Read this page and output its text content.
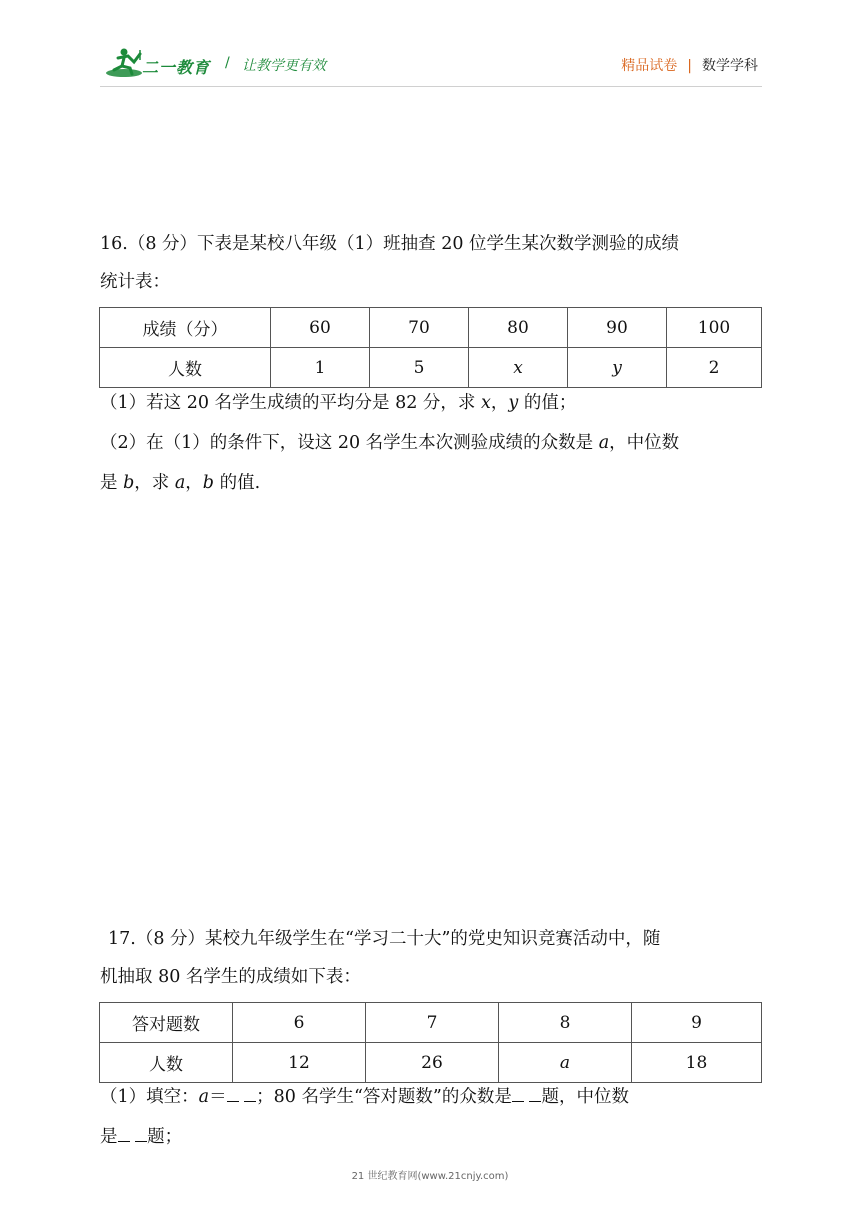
二一教育 / 让教学更有效	精品试卷 | 数学学科
16.（8 分）下表是某校八年级（1）班抽查 20 位学生某次数学测验的成绩
统计表：
成绩（分）	60	70	80	90	100
人数	1	5	x	y	2
（1）若这 20 名学生成绩的平均分是 82 分，求 x，y 的值；
（2）在（1）的条件下，设这 20 名学生本次测验成绩的众数是 a，中位数
是 b，求 a，b 的值.
17.（8 分）某校九年级学生在“学习二十大”的党史知识竞赛活动中，随
机抽取 80 名学生的成绩如下表：
答对题数	6	7	8	9
人数	12	26	a	18
（1）填空：a＝ ；80 名学生“答对题数”的众数是 题，中位数
是 题；
21 世纪教育网(www.21cnjy.com)
